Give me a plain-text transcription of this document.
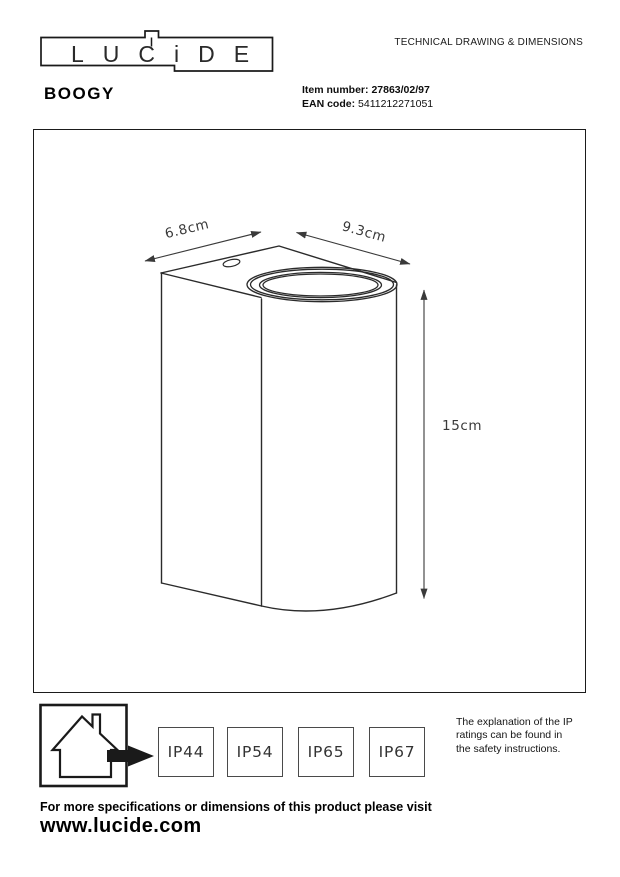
LUCiDE	TECHNICAL DRAWING & DIMENSIONS
BOOGY	Item number: 27863/02/97
EAN code: 5411212271051
6.8cm	9.3cm
15cm
IP44 IP54 IP65 IP67
The explanation of the IP ratings can be found in the safety instructions.
For more specifications or dimensions of this product please visit
www.lucide.com
